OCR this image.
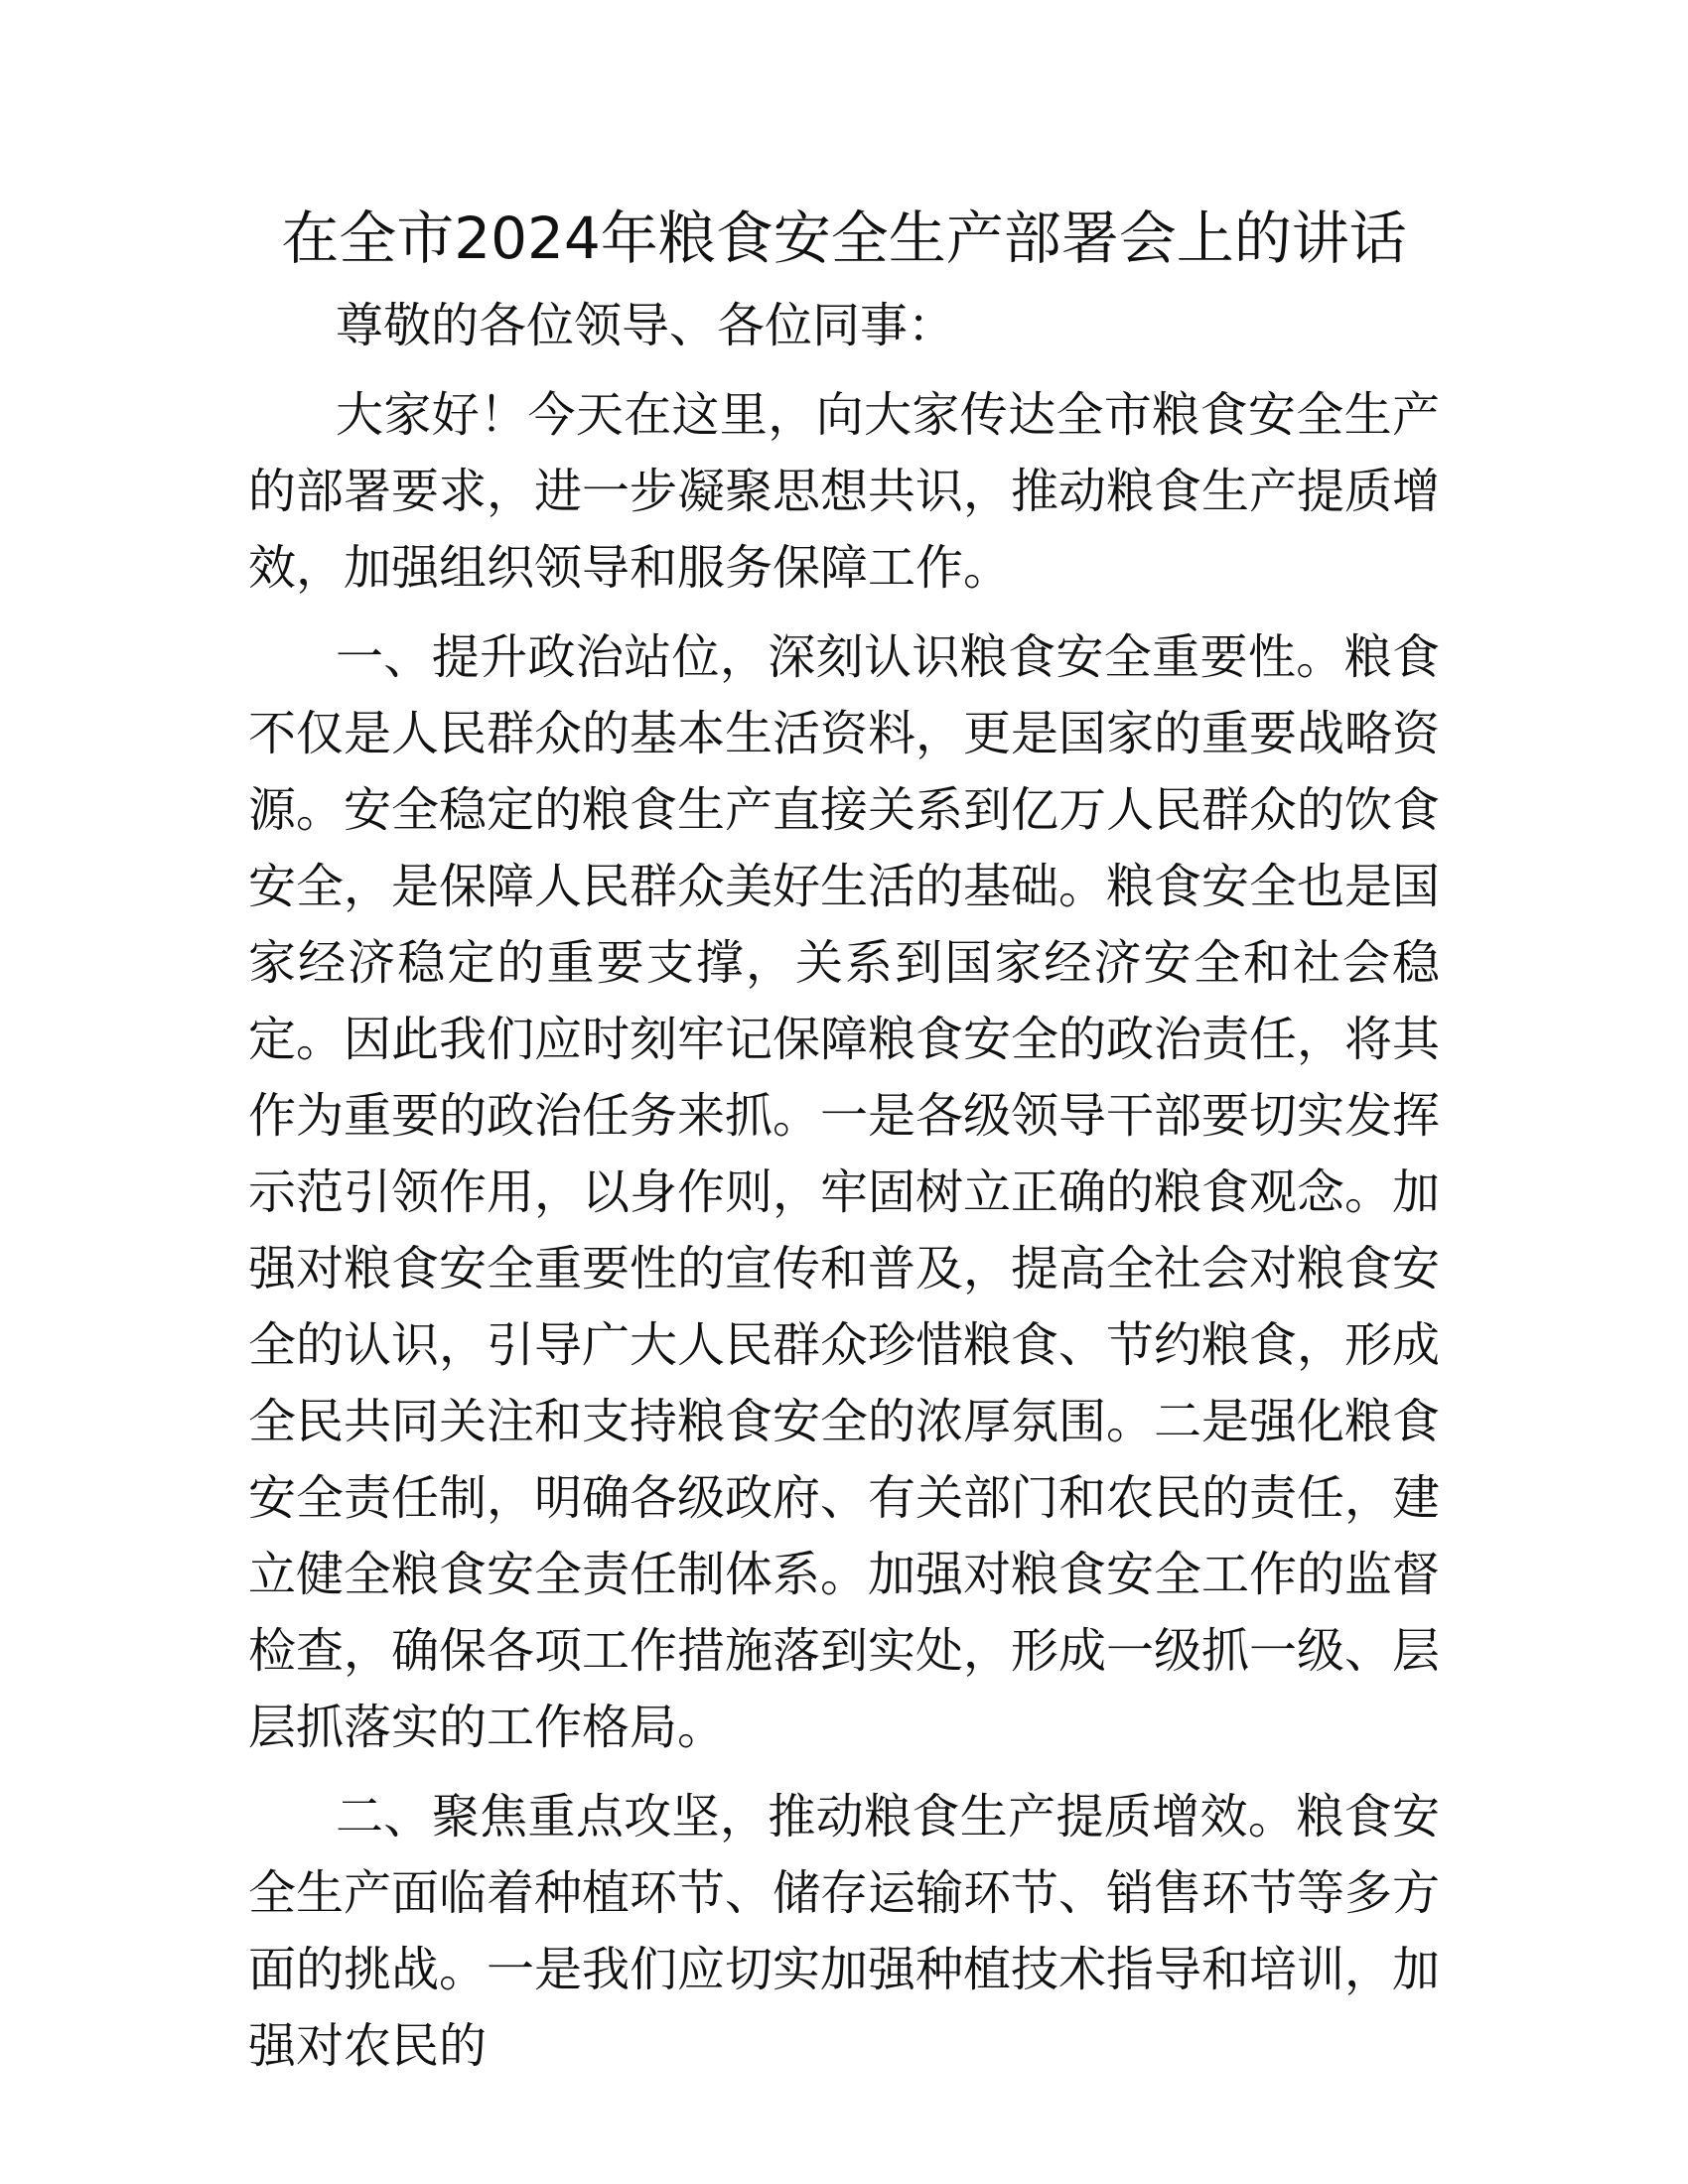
在全市2024年粮食安全生产部署会上的讲话

尊敬的各位领导、各位同事：

大家好！今天在这里，向大家传达全市粮食安全生产的部署要求，进一步凝聚思想共识，推动粮食生产提质增效，加强组织领导和服务保障工作。

一、提升政治站位，深刻认识粮食安全重要性。粮食不仅是人民群众的基本生活资料，更是国家的重要战略资源。安全稳定的粮食生产直接关系到亿万人民群众的饮食安全，是保障人民群众美好生活的基础。粮食安全也是国家经济稳定的重要支撑，关系到国家经济安全和社会稳定。因此我们应时刻牢记保障粮食安全的政治责任，将其作为重要的政治任务来抓。一是各级领导干部要切实发挥示范引领作用，以身作则，牢固树立正确的粮食观念。加强对粮食安全重要性的宣传和普及，提高全社会对粮食安全的认识，引导广大人民群众珍惜粮食、节约粮食，形成全民共同关注和支持粮食安全的浓厚氛围。二是强化粮食安全责任制，明确各级政府、有关部门和农民的责任，建立健全粮食安全责任制体系。加强对粮食安全工作的监督检查，确保各项工作措施落到实处，形成一级抓一级、层层抓落实的工作格局。

二、聚焦重点攻坚，推动粮食生产提质增效。粮食安全生产面临着种植环节、储存运输环节、销售环节等多方面的挑战。一是我们应切实加强种植技术指导和培训，加强对农民的
